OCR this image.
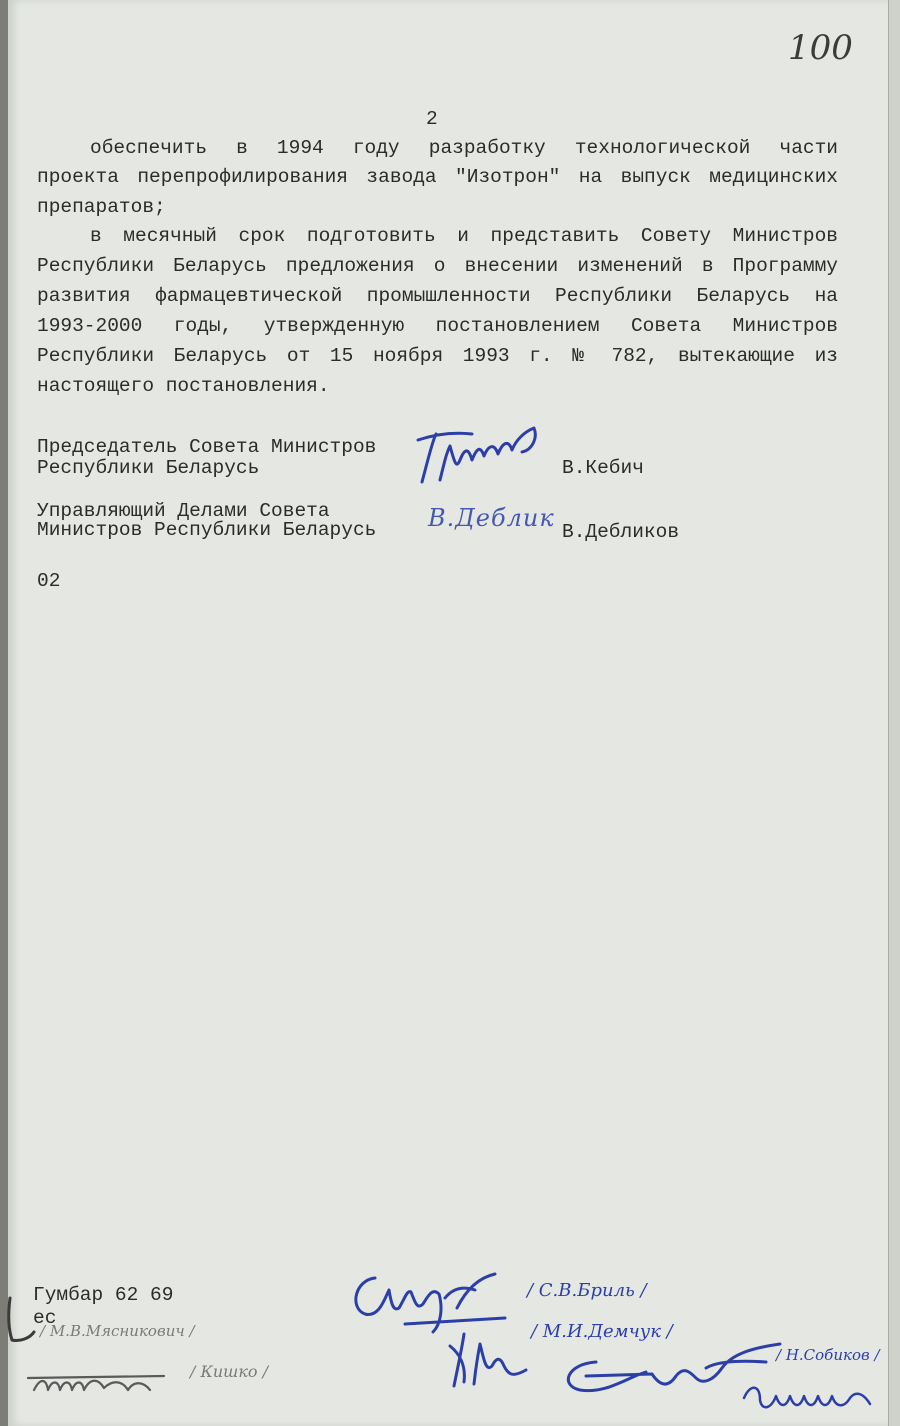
100
2
обеспечить в 1994 году разработку технологической части
проекта перепрофилирования завода "Изотрон" на выпуск медицинских
препаратов;
в месячный срок подготовить и представить Совету Министров
Республики Беларусь предложения о внесении изменений в Программу
развития фармацевтической промышленности Республики Беларусь на
1993-2000 годы, утвержденную постановлением Совета Министров
Республики Беларусь от 15 ноября 1993 г. № 782, вытекающие из
настоящего постановления.
Председатель Совета Министров
Республики Беларусь	В.Кебич
Управляющий Делами Совета
Министров Республики Беларусь	В.Дебликов
В.Деблик
02
Гумбар 62 69
ес
/ С.В.Бриль /
/ М.И.Демчук /
/ Н.Собиков /
/ М.В.Мясникович /
/ Кишко /
